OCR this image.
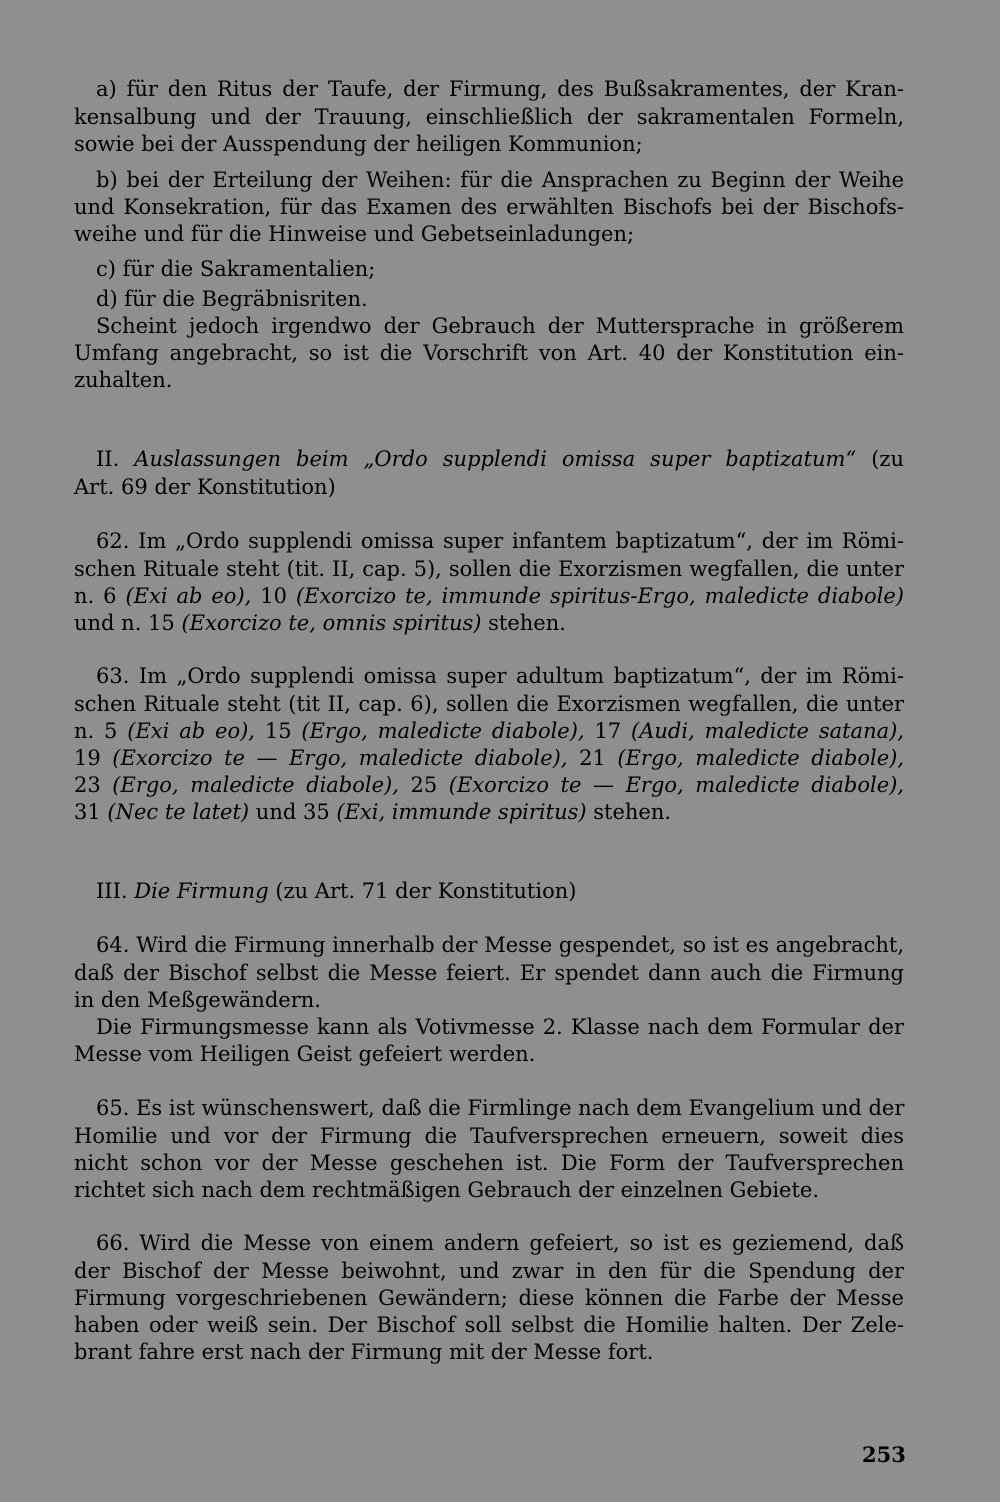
a) für den Ritus der Taufe, der Firmung, des Bußsakramentes, der Kran-
kensalbung und der Trauung, einschließlich der sakramentalen Formeln,
sowie bei der Ausspendung der heiligen Kommunion;
b) bei der Erteilung der Weihen: für die Ansprachen zu Beginn der Weihe
und Konsekration, für das Examen des erwählten Bischofs bei der Bischofs-
weihe und für die Hinweise und Gebetseinladungen;
c) für die Sakramentalien;
d) für die Begräbnisriten.
Scheint jedoch irgendwo der Gebrauch der Muttersprache in größerem
Umfang angebracht, so ist die Vorschrift von Art. 40 der Konstitution ein-
zuhalten.
II. Auslassungen beim „Ordo supplendi omissa super baptizatum“ (zu
Art. 69 der Konstitution)
62. Im „Ordo supplendi omissa super infantem baptizatum“, der im Römi-
schen Rituale steht (tit. II, cap. 5), sollen die Exorzismen wegfallen, die unter
n. 6 (Exi ab eo), 10 (Exorcizo te, immunde spiritus-Ergo, maledicte diabole)
und n. 15 (Exorcizo te, omnis spiritus) stehen.
63. Im „Ordo supplendi omissa super adultum baptizatum“, der im Römi-
schen Rituale steht (tit II, cap. 6), sollen die Exorzismen wegfallen, die unter
n. 5 (Exi ab eo), 15 (Ergo, maledicte diabole), 17 (Audi, maledicte satana),
19 (Exorcizo te — Ergo, maledicte diabole), 21 (Ergo, maledicte diabole),
23 (Ergo, maledicte diabole), 25 (Exorcizo te — Ergo, maledicte diabole),
31 (Nec te latet) und 35 (Exi, immunde spiritus) stehen.
III. Die Firmung (zu Art. 71 der Konstitution)
64. Wird die Firmung innerhalb der Messe gespendet, so ist es angebracht,
daß der Bischof selbst die Messe feiert. Er spendet dann auch die Firmung
in den Meßgewändern.
Die Firmungsmesse kann als Votivmesse 2. Klasse nach dem Formular der
Messe vom Heiligen Geist gefeiert werden.
65. Es ist wünschenswert, daß die Firmlinge nach dem Evangelium und der
Homilie und vor der Firmung die Taufversprechen erneuern, soweit dies
nicht schon vor der Messe geschehen ist. Die Form der Taufversprechen
richtet sich nach dem rechtmäßigen Gebrauch der einzelnen Gebiete.
66. Wird die Messe von einem andern gefeiert, so ist es geziemend, daß
der Bischof der Messe beiwohnt, und zwar in den für die Spendung der
Firmung vorgeschriebenen Gewändern; diese können die Farbe der Messe
haben oder weiß sein. Der Bischof soll selbst die Homilie halten. Der Zele-
brant fahre erst nach der Firmung mit der Messe fort.
253
